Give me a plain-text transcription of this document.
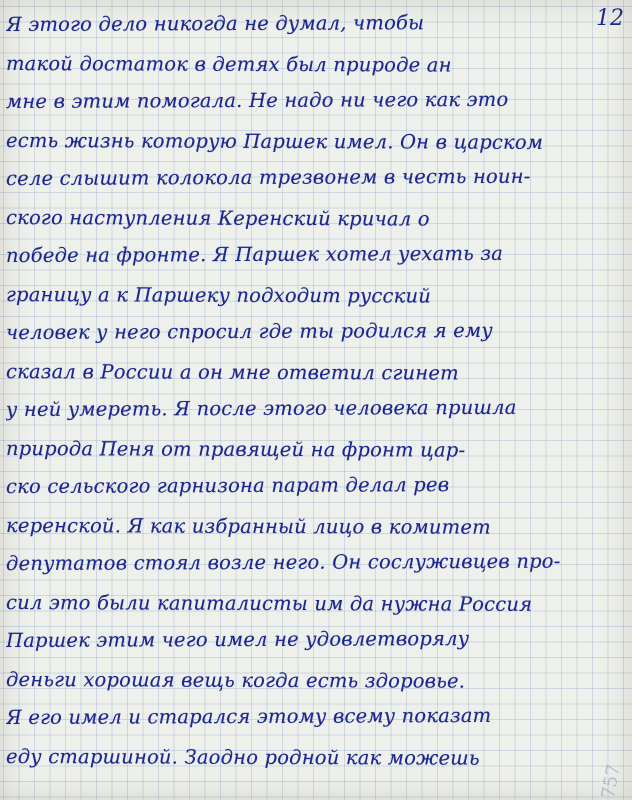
12
Я этого дело никогда не думал, чтобы
такой достаток в детях был природе ан
мне в этим помогала. Не надо ни чего как это
есть жизнь которую Паршек имел. Он в царском
селе слышит колокола трезвонем в честь ноин-
ского наступления Керенский кричал о
победе на фронте. Я Паршек хотел уехать за
границу а к Паршеку подходит русский
человек у него спросил где ты родился я ему
сказал в России а он мне ответил сгинет
у ней умереть. Я после этого человека пришла
природа Пеня от правящей на фронт цар-
ско сельского гарнизона парат делал рев
керенской. Я как избранный лицо в комитет
депутатов стоял возле него. Он сослуживцев про-
сил это были капиталисты им да нужна Россия
Паршек этим чего имел не удовлетворялу
деньги хорошая вещь когда есть здоровье.
Я его имел и старался этому всему показат
еду старшиной. Заодно родной как можешь
757
